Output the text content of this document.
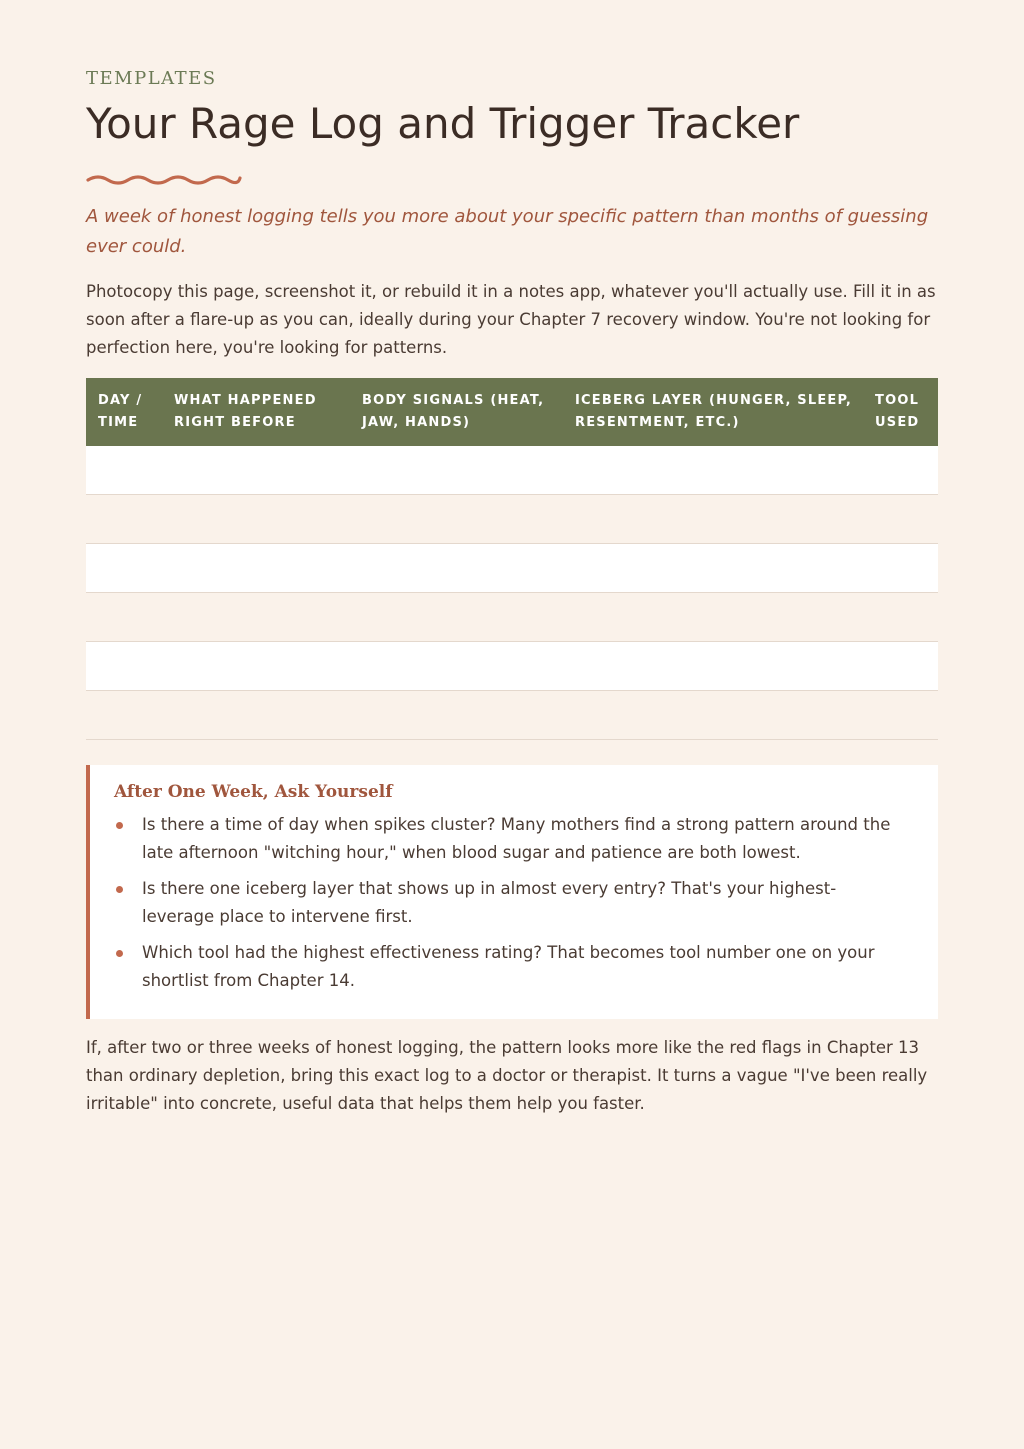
TEMPLATES
Your Rage Log and Trigger Tracker

A week of honest logging tells you more about your specific pattern than months of guessing ever could.

Photocopy this page, screenshot it, or rebuild it in a notes app, whatever you'll actually use. Fill it in as soon after a flare-up as you can, ideally during your Chapter 7 recovery window. You're not looking for perfection here, you're looking for patterns.

DAY / TIME	WHAT HAPPENED RIGHT BEFORE	BODY SIGNALS (HEAT, JAW, HANDS)	ICEBERG LAYER (HUNGER, SLEEP, RESENTMENT, ETC.)	TOOL USED

After One Week, Ask Yourself
Is there a time of day when spikes cluster? Many mothers find a strong pattern around the late afternoon "witching hour," when blood sugar and patience are both lowest.
Is there one iceberg layer that shows up in almost every entry? That's your highest-leverage place to intervene first.
Which tool had the highest effectiveness rating? That becomes tool number one on your shortlist from Chapter 14.

If, after two or three weeks of honest logging, the pattern looks more like the red flags in Chapter 13 than ordinary depletion, bring this exact log to a doctor or therapist. It turns a vague "I've been really irritable" into concrete, useful data that helps them help you faster.
